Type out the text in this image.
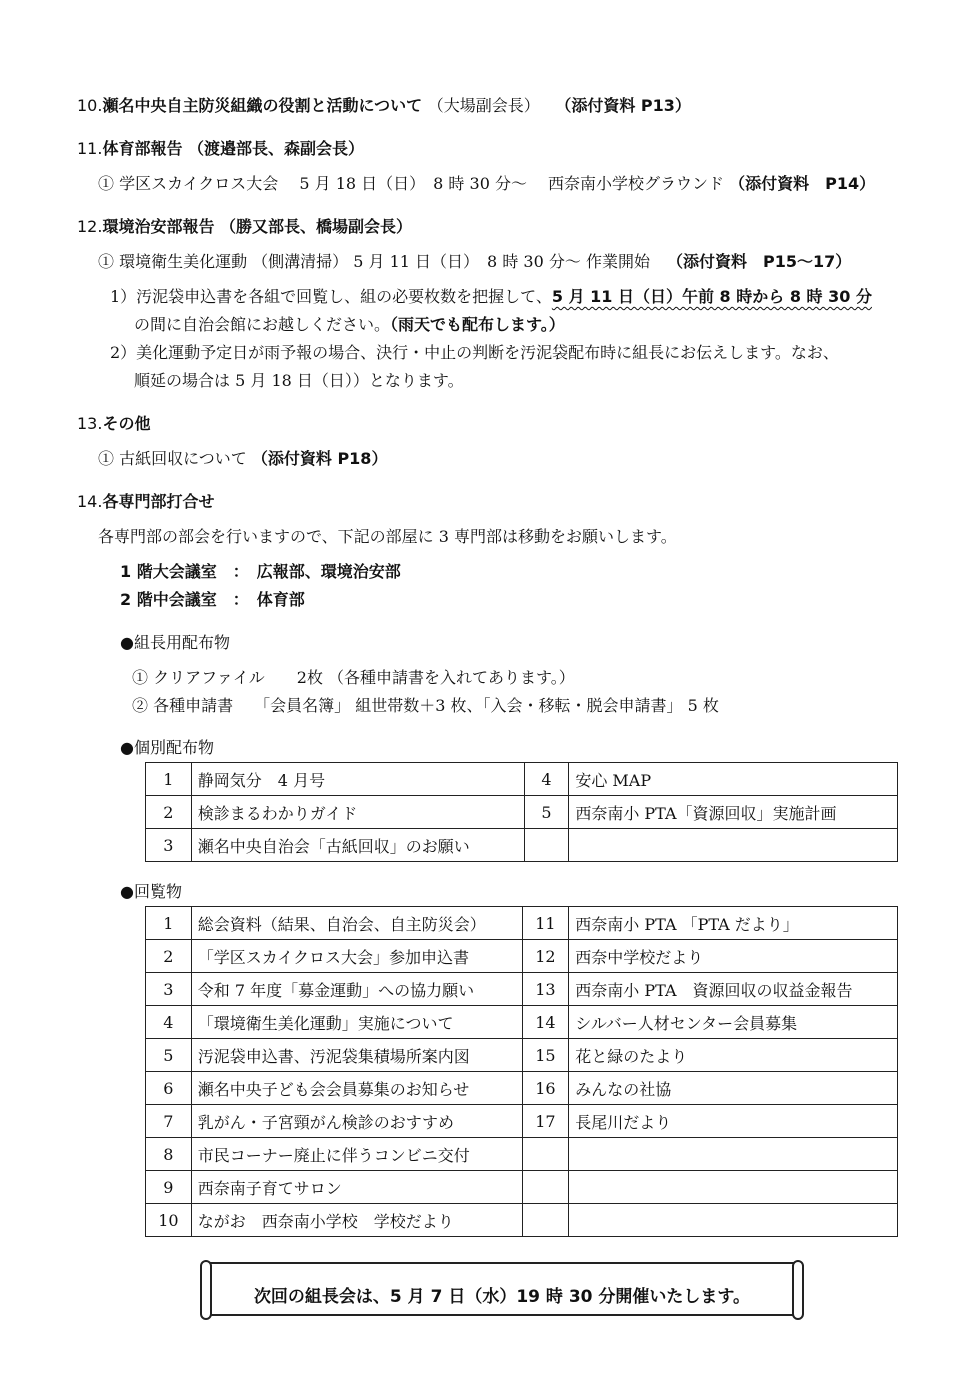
10.瀬名中央自主防災組織の役割と活動について （大場副会長） （添付資料 P13）
11.体育部報告 （渡邉部長、森副会長）
① 学区スカイクロス大会　 5 月 18 日（日）　8 時 30 分～　 西奈南小学校グラウンド （添付資料　P14）
12.環境治安部報告 （勝又部長、橋場副会長）
① 環境衛生美化運動 （側溝清掃） 5 月 11 日（日）　8 時 30 分～ 作業開始 （添付資料　P15～17）
1）汚泥袋申込書を各組で回覧し、組の必要枚数を把握して、5 月 11 日（日）午前 8 時から 8 時 30 分
の間に自治会館にお越しください。（雨天でも配布します。）
2）美化運動予定日が雨予報の場合、決行・中止の判断を汚泥袋配布時に組長にお伝えします。なお、
順延の場合は 5 月 18 日（日））となります。
13.その他
① 古紙回収について （添付資料 P18）
14.各専門部打合せ
各専門部の部会を行いますので、下記の部屋に 3 専門部は移動をお願いします。
1 階大会議室　：　広報部、環境治安部
2 階中会議室　：　体育部
●組長用配布物
① クリアファイル　　2枚 （各種申請書を入れてあります。）
② 各種申請書　 「会員名簿」 組世帯数＋3 枚、「入会・移転・脱会申請書」 5 枚
●個別配布物
1	静岡気分　4 月号	4	安心 MAP
2	検診まるわかりガイド	5	西奈南小 PTA「資源回収」実施計画
3	瀬名中央自治会「古紙回収」のお願い		
●回覧物
1	総会資料（結果、自治会、自主防災会）	11	西奈南小 PTA 「PTA だより」
2	「学区スカイクロス大会」参加申込書	12	西奈中学校だより
3	令和 7 年度「募金運動」への協力願い	13	西奈南小 PTA　資源回収の収益金報告
4	「環境衛生美化運動」実施について	14	シルバー人材センター会員募集
5	汚泥袋申込書、汚泥袋集積場所案内図	15	花と緑のたより
6	瀬名中央子ども会会員募集のお知らせ	16	みんなの社協
7	乳がん・子宮頸がん検診のおすすめ	17	長尾川だより
8	市民コーナー廃止に伴うコンビニ交付		
9	西奈南子育てサロン		
10	ながお　西奈南小学校　学校だより		
次回の組長会は、5 月 7 日（水）19 時 30 分開催いたします。
